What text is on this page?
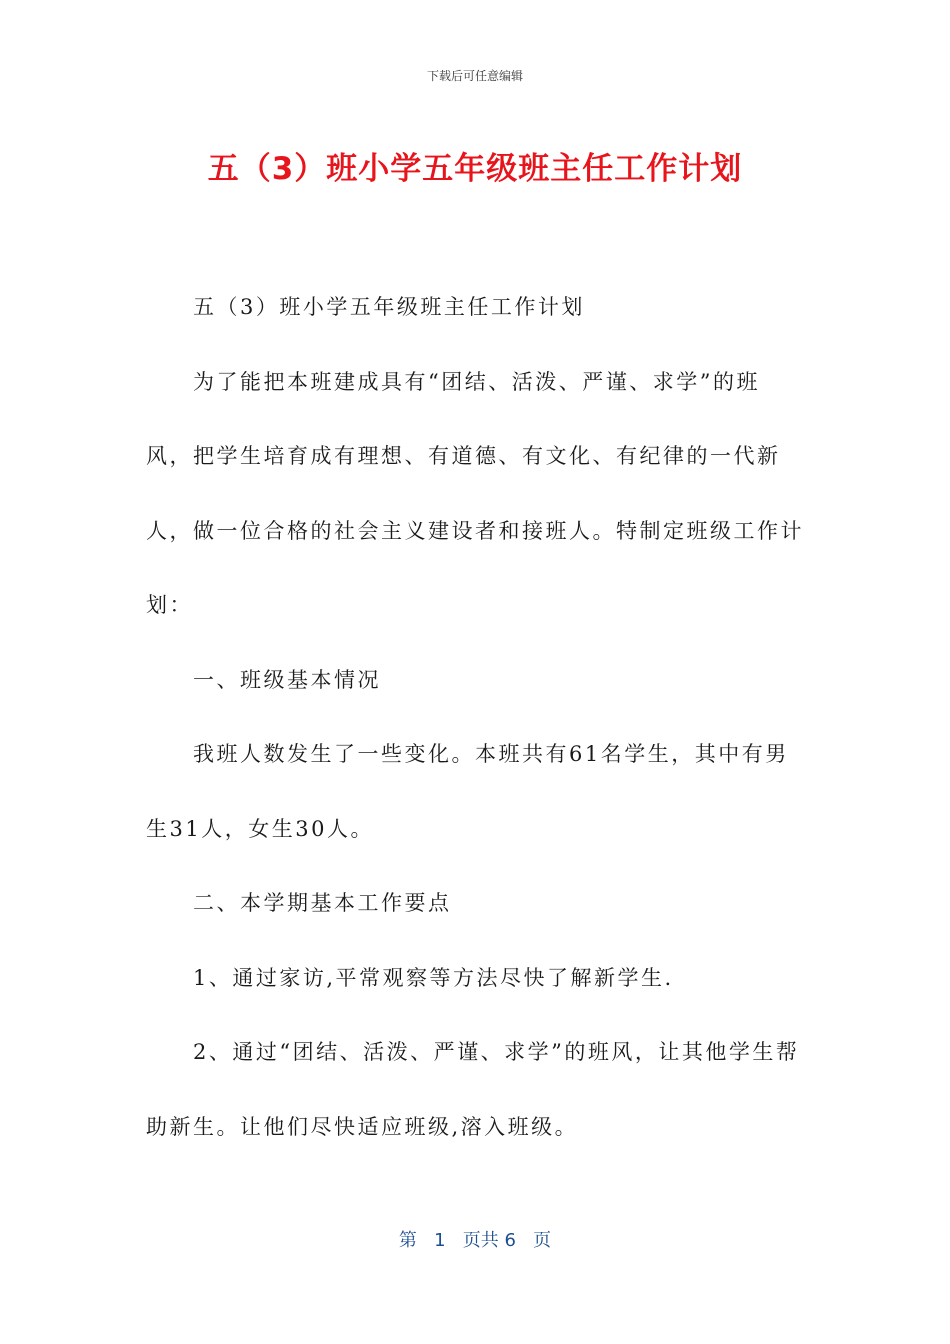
下载后可任意编辑
五（3）班小学五年级班主任工作计划

五（3）班小学五年级班主任工作计划

为了能把本班建成具有“团结、活泼、严谨、求学”的班风，把学生培育成有理想、有道德、有文化、有纪律的一代新人，做一位合格的社会主义建设者和接班人。特制定班级工作计划：

一、班级基本情况

我班人数发生了一些变化。本班共有61名学生，其中有男生31人，女生30人。

二、本学期基本工作要点

1、通过家访,平常观察等方法尽快了解新学生.

2、通过“团结、活泼、严谨、求学”的班风，让其他学生帮助新生。让他们尽快适应班级,溶入班级。

第 1 页共 6 页
